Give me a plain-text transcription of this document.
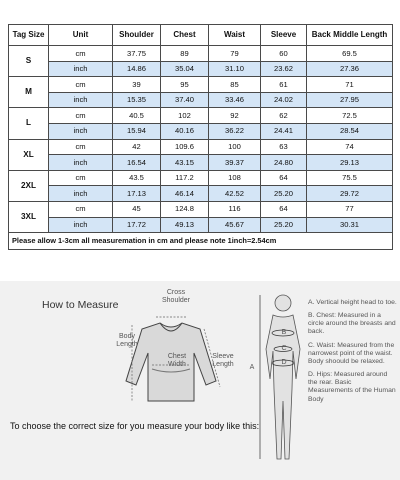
Tag Size	Unit	Shoulder	Chest	Waist	Sleeve	Back Middle Length
S	cm	37.75	89	79	60	69.5
	inch	14.86	35.04	31.10	23.62	27.36
M	cm	39	95	85	61	71
	inch	15.35	37.40	33.46	24.02	27.95
L	cm	40.5	102	92	62	72.5
	inch	15.94	40.16	36.22	24.41	28.54
XL	cm	42	109.6	100	63	74
	inch	16.54	43.15	39.37	24.80	29.13
2XL	cm	43.5	117.2	108	64	75.5
	inch	17.13	46.14	42.52	25.20	29.72
3XL	cm	45	124.8	116	64	77
	inch	17.72	49.13	45.67	25.20	30.31
Please allow 1-3cm all measuremation in cm and please note 1inch=2.54cm						
How to Measure
Cross
Shoulder
Body
Length
Chest
Width
Sleeve
Length	A
B
C
D
To choose the correct size for you measure your body like this:
A. Vertical height head to toe.
B. Chest: Measured in a circle around the breasts and back.
C. Waist: Measured from the narrowest point of the waist. Body shoould be relaxed.
D. Hips: Measured around the rear. Basic Measurements of the Human Body
